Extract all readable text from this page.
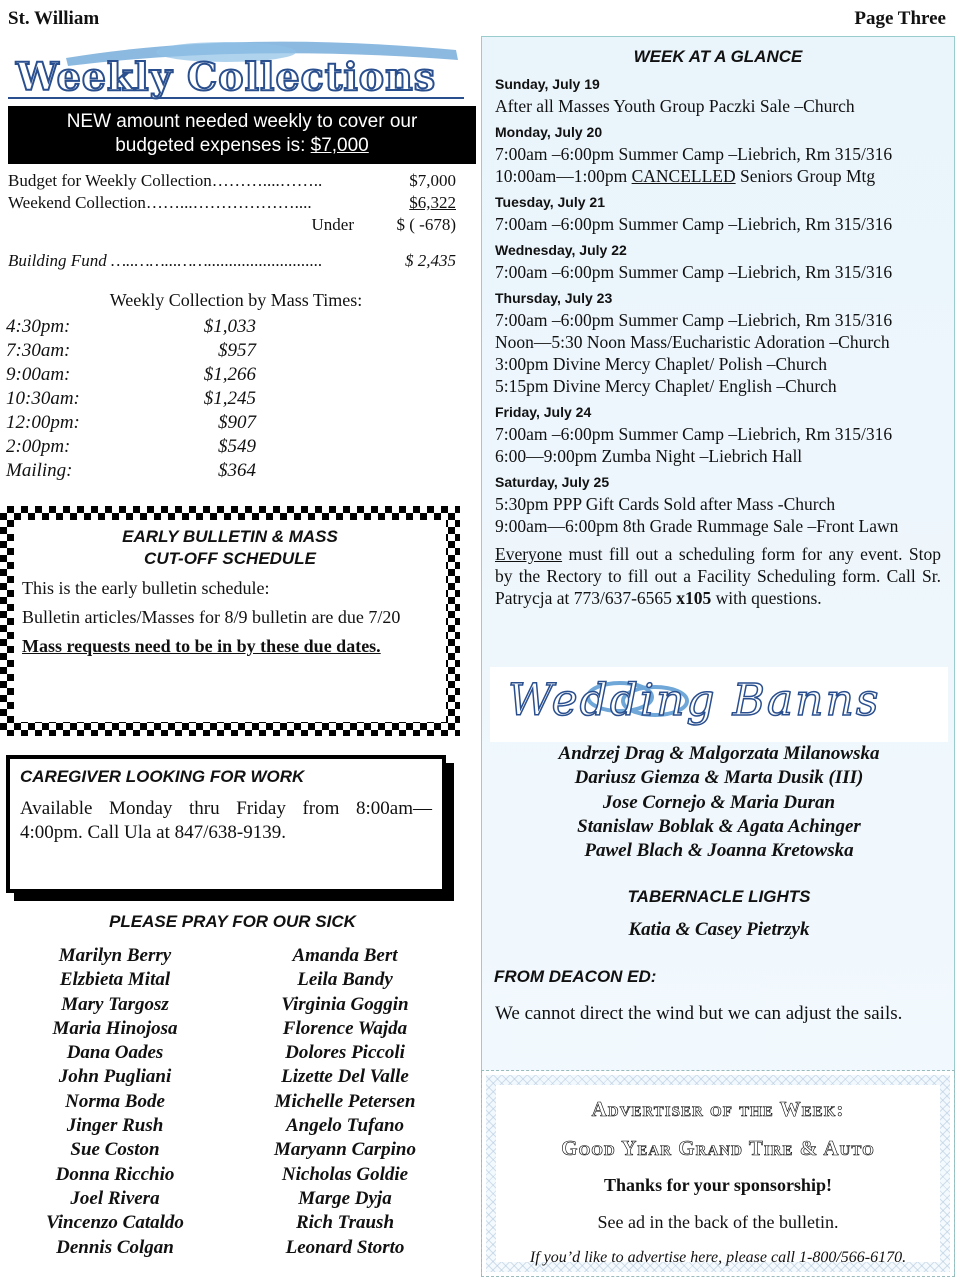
St. William	Page Three
Weekly Collections
NEW amount needed weekly to cover our
budgeted expenses is: $7,000
Budget for Weekly Collection………....……..	$7,000
Weekend Collection……...………………....	$6,322
Under	$ ( -678)
Building Fund …..……...……...........................	$ 2,435
Weekly Collection by Mass Times:
4:30pm:	$1,033
7:30am:	$957
9:00am:	$1,266
10:30am:	$1,245
12:00pm:	$907
2:00pm:	$549
Mailing:	$364
EARLY BULLETIN & MASS
CUT-OFF SCHEDULE

This is the early bulletin schedule:

Bulletin articles/Masses for 8/9 bulletin are due 7/20

Mass requests need to be in by these due dates.
CAREGIVER LOOKING FOR WORK
Available Monday thru Friday from 8:00am—4:00pm. Call Ula at 847/638-9139.
PLEASE PRAY FOR OUR SICK
Marilyn Berry
Elzbieta Mital
Mary Targosz
Maria Hinojosa
Dana Oades
John Pugliani
Norma Bode
Jinger Rush
Sue Coston
Donna Ricchio
Joel Rivera
Vincenzo Cataldo
Dennis Colgan
Amanda Bert
Leila Bandy
Virginia Goggin
Florence Wajda
Dolores Piccoli
Lizette Del Valle
Michelle Petersen
Angelo Tufano
Maryann Carpino
Nicholas Goldie
Marge Dyja
Rich Traush
Leonard Storto
WEEK AT A GLANCE
Sunday, July 19
After all Masses Youth Group Paczki Sale –Church
Monday, July 20
7:00am –6:00pm Summer Camp –Liebrich, Rm 315/316
10:00am—1:00pm CANCELLED Seniors Group Mtg
Tuesday, July 21
7:00am –6:00pm Summer Camp –Liebrich, Rm 315/316
Wednesday, July 22
7:00am –6:00pm Summer Camp –Liebrich, Rm 315/316
Thursday, July 23
7:00am –6:00pm Summer Camp –Liebrich, Rm 315/316
Noon—5:30 Noon Mass/Eucharistic Adoration –Church
3:00pm Divine Mercy Chaplet/ Polish –Church
5:15pm Divine Mercy Chaplet/ English –Church
Friday, July 24
7:00am –6:00pm Summer Camp –Liebrich, Rm 315/316
6:00—9:00pm Zumba Night –Liebrich Hall
Saturday, July 25
5:30pm PPP Gift Cards Sold after Mass -Church
9:00am—6:00pm 8th Grade Rummage Sale –Front Lawn
Everyone must fill out a scheduling form for any event. Stop by the Rectory to fill out a Facility Scheduling form. Call Sr. Patrycja at 773/637-6565 x105 with questions.
Wedding Banns
Andrzej Drag & Malgorzata Milanowska
Dariusz Giemza & Marta Dusik (III)
Jose Cornejo & Maria Duran
Stanislaw Boblak & Agata Achinger
Pawel Blach & Joanna Kretowska
TABERNACLE LIGHTS
Katia & Casey Pietrzyk
FROM DEACON ED:
We cannot direct the wind but we can adjust the sails.
Advertiser of the Week:
Good Year Grand Tire & Auto
Thanks for your sponsorship!
See ad in the back of the bulletin.
If you’d like to advertise here, please call 1-800/566-6170.
